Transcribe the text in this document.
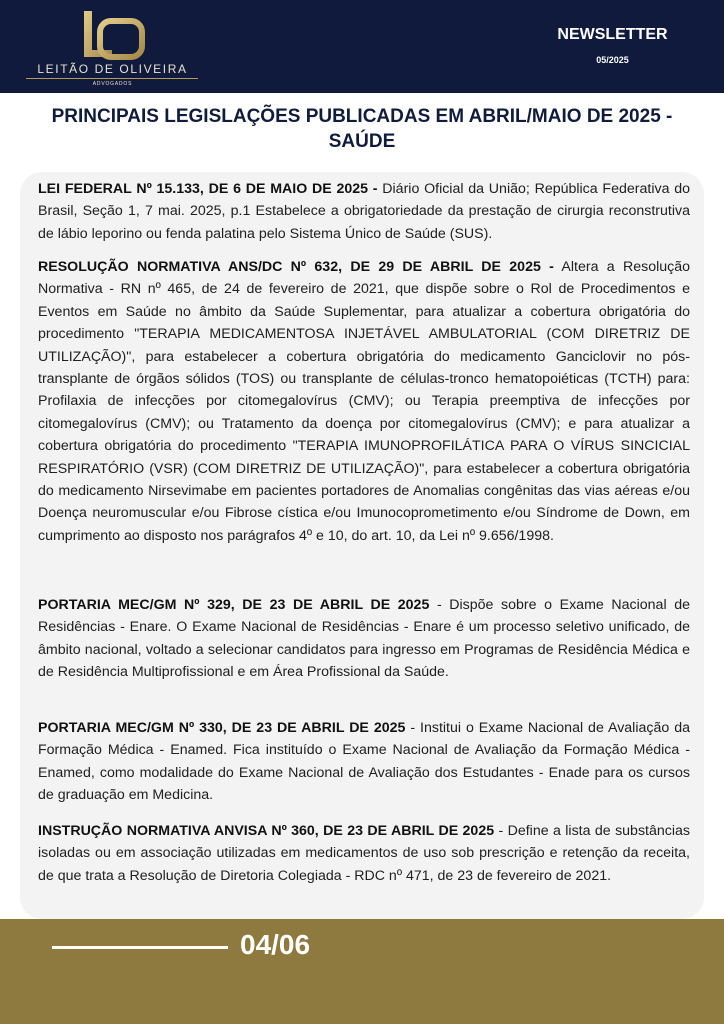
LEITÃO DE OLIVEIRA
ADVOGADOS
NEWSLETTER
05/2025
PRINCIPAIS LEGISLAÇÕES PUBLICADAS EM ABRIL/MAIO DE 2025 - SAÚDE

LEI FEDERAL Nº 15.133, DE 6 DE MAIO DE 2025 - Diário Oficial da União; República Federativa do Brasil, Seção 1, 7 mai. 2025, p.1 Estabelece a obrigatoriedade da prestação de cirurgia reconstrutiva de lábio leporino ou fenda palatina pelo Sistema Único de Saúde (SUS).

RESOLUÇÃO NORMATIVA ANS/DC Nº 632, DE 29 DE ABRIL DE 2025 - Altera a Resolução Normativa - RN nº 465, de 24 de fevereiro de 2021, que dispõe sobre o Rol de Procedimentos e Eventos em Saúde no âmbito da Saúde Suplementar, para atualizar a cobertura obrigatória do procedimento "TERAPIA MEDICAMENTOSA INJETÁVEL AMBULATORIAL (COM DIRETRIZ DE UTILIZAÇÃO)", para estabelecer a cobertura obrigatória do medicamento Ganciclovir no pós-transplante de órgãos sólidos (TOS) ou transplante de células-tronco hematopoiéticas (TCTH) para: Profilaxia de infecções por citomegalovírus (CMV); ou Terapia preemptiva de infecções por citomegalovírus (CMV); ou Tratamento da doença por citomegalovírus (CMV); e para atualizar a cobertura obrigatória do procedimento "TERAPIA IMUNOPROFILÁTICA PARA O VÍRUS SINCICIAL RESPIRATÓRIO (VSR) (COM DIRETRIZ DE UTILIZAÇÃO)", para estabelecer a cobertura obrigatória do medicamento Nirsevimabe em pacientes portadores de Anomalias congênitas das vias aéreas e/ou Doença neuromuscular e/ou Fibrose cística e/ou Imunocoprometimento e/ou Síndrome de Down, em cumprimento ao disposto nos parágrafos 4º e 10, do art. 10, da Lei nº 9.656/1998.

PORTARIA MEC/GM Nº 329, DE 23 DE ABRIL DE 2025 - Dispõe sobre o Exame Nacional de Residências - Enare. O Exame Nacional de Residências - Enare é um processo seletivo unificado, de âmbito nacional, voltado a selecionar candidatos para ingresso em Programas de Residência Médica e de Residência Multiprofissional e em Área Profissional da Saúde.

PORTARIA MEC/GM Nº 330, DE 23 DE ABRIL DE 2025 - Institui o Exame Nacional de Avaliação da Formação Médica - Enamed. Fica instituído o Exame Nacional de Avaliação da Formação Médica - Enamed, como modalidade do Exame Nacional de Avaliação dos Estudantes - Enade para os cursos de graduação em Medicina.

INSTRUÇÃO NORMATIVA ANVISA Nº 360, DE 23 DE ABRIL DE 2025 - Define a lista de substâncias isoladas ou em associação utilizadas em medicamentos de uso sob prescrição e retenção da receita, de que trata a Resolução de Diretoria Colegiada - RDC nº 471, de 23 de fevereiro de 2021.

04/06
